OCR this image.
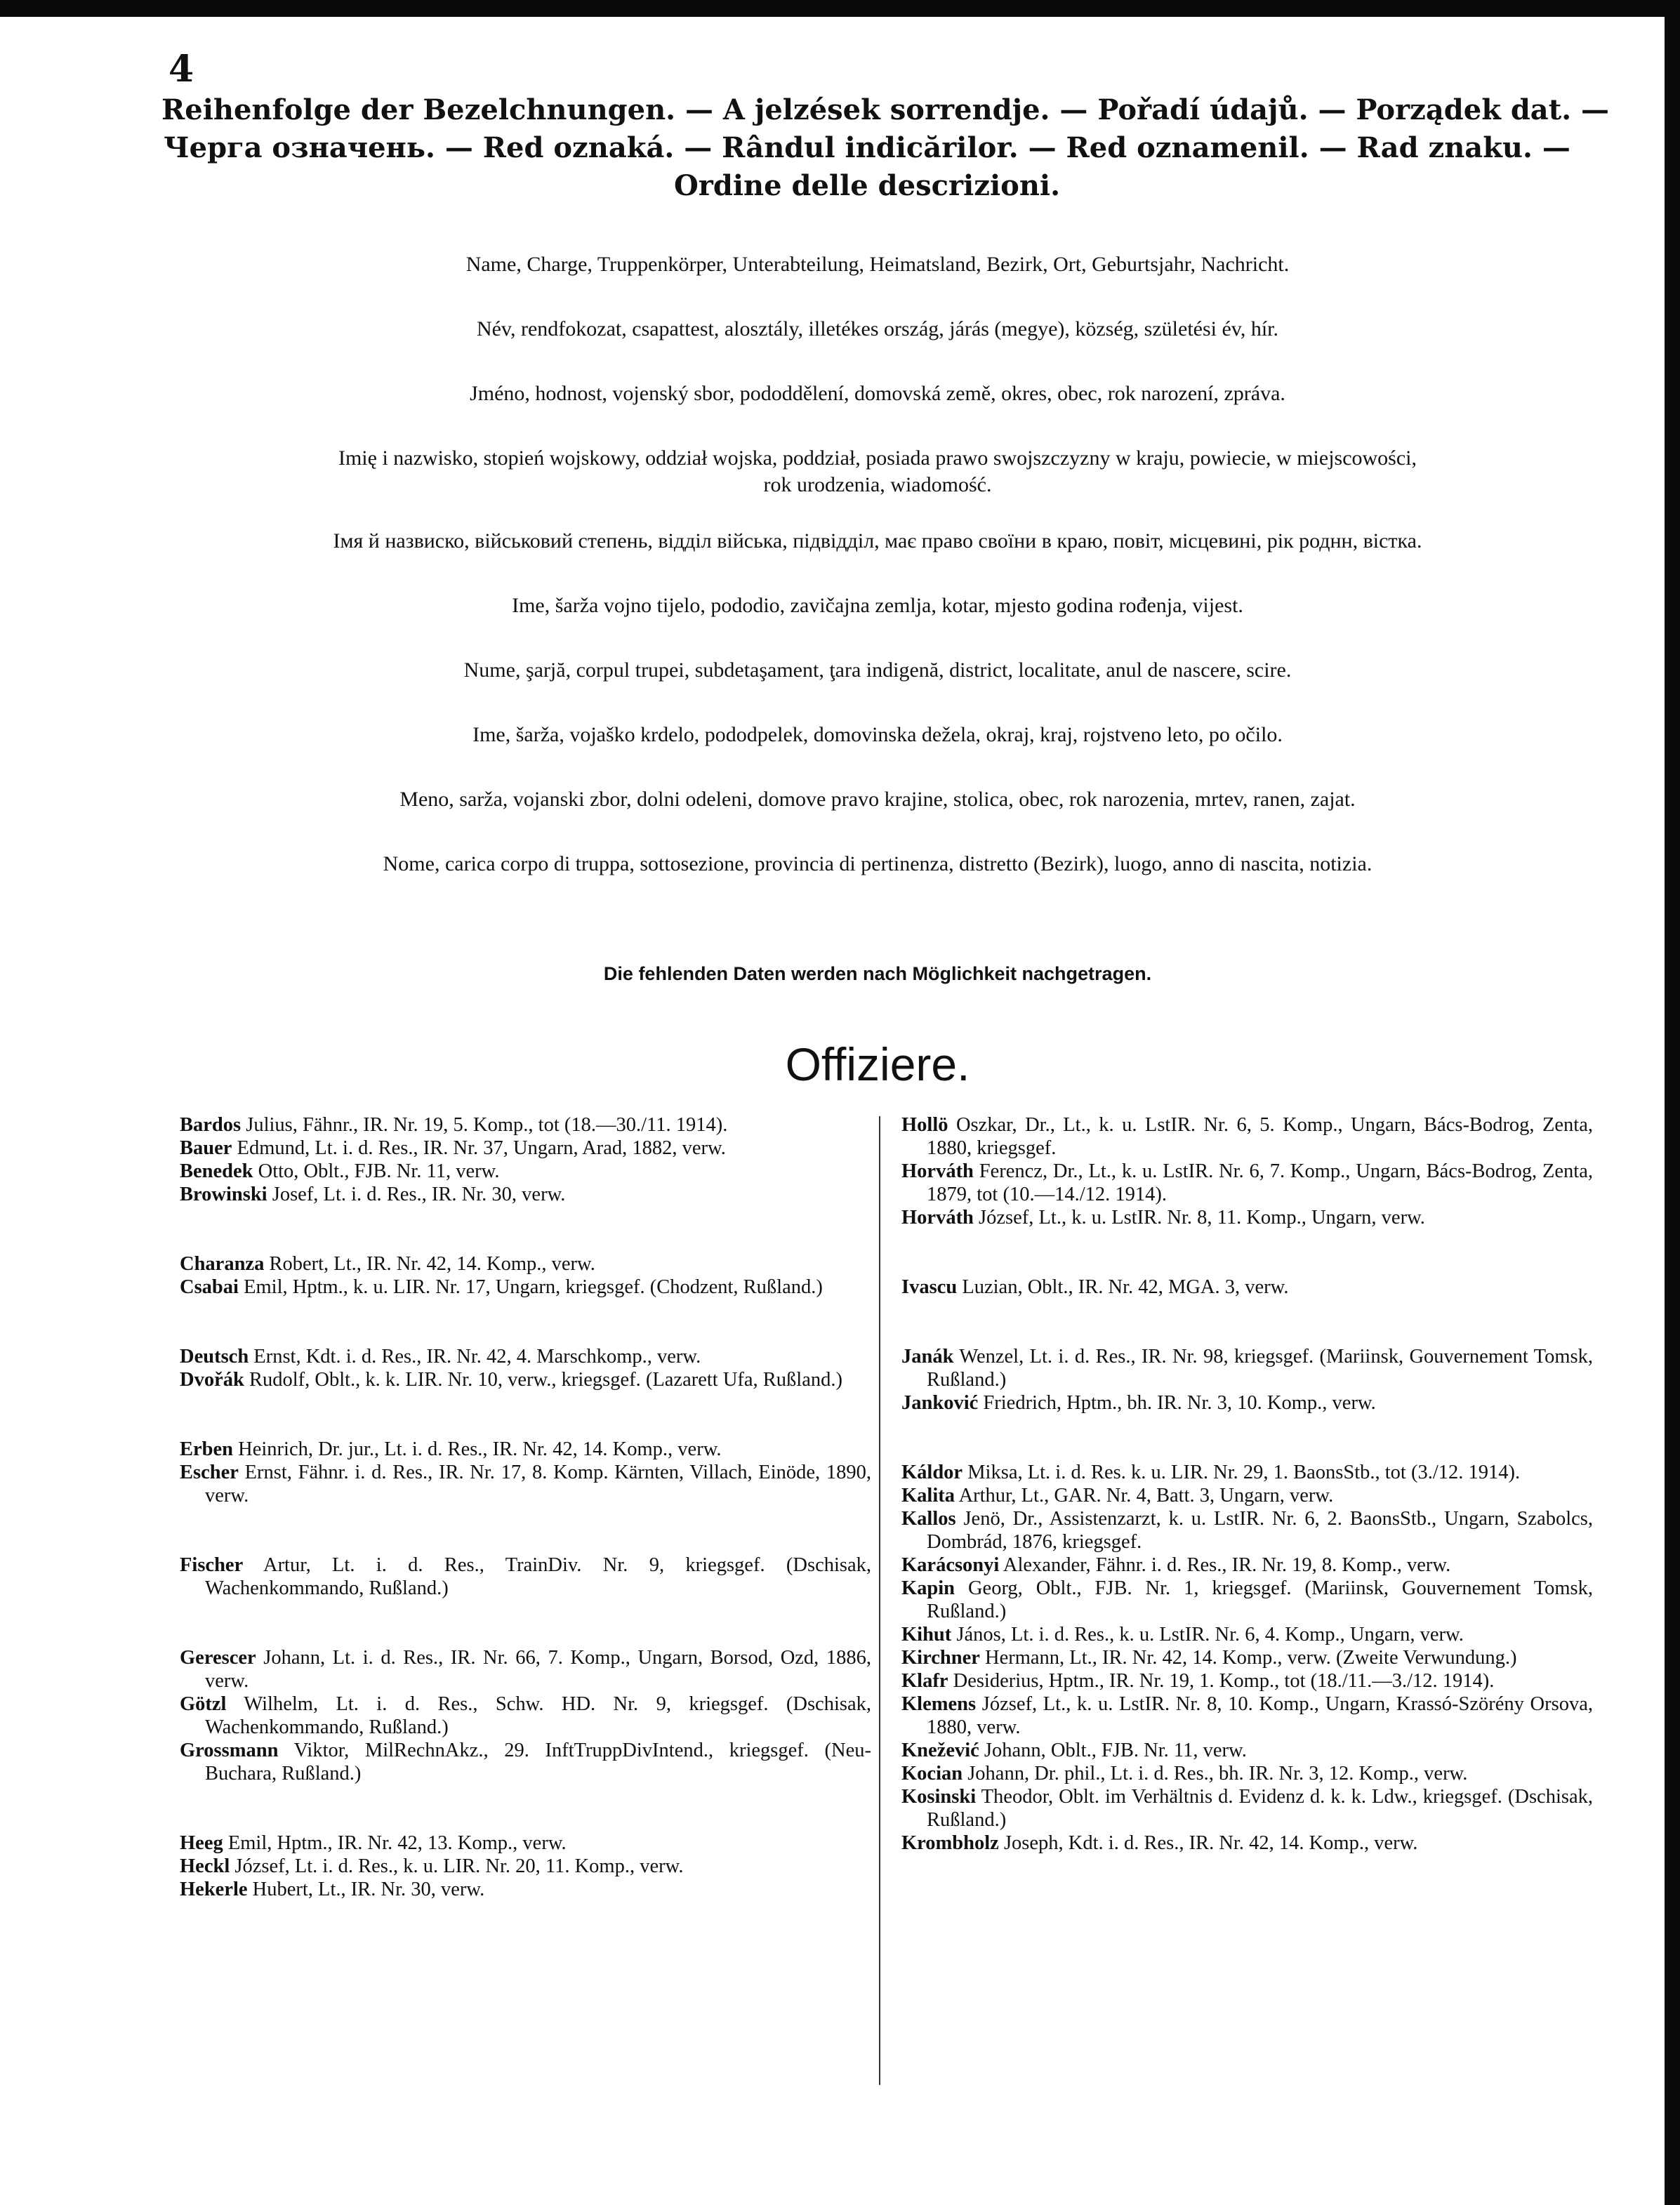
4
Reihenfolge der Bezelchnungen. — A jelzések sorrendje. — Pořadí údajů. — Porządek dat. —
Черга означень. — Red oznaká. — Rândul indicărilor. — Red oznamenil. — Rad znaku. —
Ordine delle descrizioni.
Name, Charge, Truppenkörper, Unterabteilung, Heimatsland, Bezirk, Ort, Geburtsjahr, Nachricht.
Név, rendfokozat, csapattest, alosztály, illetékes ország, járás (megye), község, születési év, hír.
Jméno, hodnost, vojenský sbor, pododdělení, domovská země, okres, obec, rok narození, zpráva.
Imię i nazwisko, stopień wojskowy, oddział wojska, poddział, posiada prawo swojszczyzny w kraju, powiecie, w miejscowości,
rok urodzenia, wiadomość.
Імя й назвиско, військовий степень, відділ війська, підвідділ, має право своїни в краю, повіт, місцевині, рік роднн, вістка.
Ime, šarža vojno tijelo, pododio, zavičajna zemlja, kotar, mjesto godina rođenja, vijest.
Nume, şarjă, corpul trupei, subdetaşament, ţara indigenă, district, localitate, anul de nascere, scire.
Ime, šarža, vojaško krdelo, pododpelek, domovinska dežela, okraj, kraj, rojstveno leto, po očilo.
Meno, sarža, vojanski zbor, dolni odeleni, domove pravo krajine, stolica, obec, rok narozenia, mrtev, ranen, zajat.
Nome, carica corpo di truppa, sottosezione, provincia di pertinenza, distretto (Bezirk), luogo, anno di nascita, notizia.
Die fehlenden Daten werden nach Möglichkeit nachgetragen.
Offiziere.
Bardos Julius, Fähnr., IR. Nr. 19, 5. Komp., tot (18.—30./11. 1914).
Bauer Edmund, Lt. i. d. Res., IR. Nr. 37, Ungarn, Arad, 1882, verw.
Benedek Otto, Oblt., FJB. Nr. 11, verw.
Browinski Josef, Lt. i. d. Res., IR. Nr. 30, verw.
Charanza Robert, Lt., IR. Nr. 42, 14. Komp., verw.
Csabai Emil, Hptm., k. u. LIR. Nr. 17, Ungarn, kriegsgef. (Chodzent, Rußland.)
Deutsch Ernst, Kdt. i. d. Res., IR. Nr. 42, 4. Marschkomp., verw.
Dvořák Rudolf, Oblt., k. k. LIR. Nr. 10, verw., kriegsgef. (Lazarett Ufa, Rußland.)
Erben Heinrich, Dr. jur., Lt. i. d. Res., IR. Nr. 42, 14. Komp., verw.
Escher Ernst, Fähnr. i. d. Res., IR. Nr. 17, 8. Komp. Kärnten, Villach, Einöde, 1890, verw.
Fischer Artur, Lt. i. d. Res., TrainDiv. Nr. 9, kriegsgef. (Dschisak, Wachenkommando, Rußland.)
Gerescer Johann, Lt. i. d. Res., IR. Nr. 66, 7. Komp., Ungarn, Borsod, Ozd, 1886, verw.
Götzl Wilhelm, Lt. i. d. Res., Schw. HD. Nr. 9, kriegsgef. (Dschisak, Wachenkommando, Rußland.)
Grossmann Viktor, MilRechnAkz., 29. InftTruppDivIntend., kriegsgef. (Neu-Buchara, Rußland.)
Heeg Emil, Hptm., IR. Nr. 42, 13. Komp., verw.
Heckl József, Lt. i. d. Res., k. u. LIR. Nr. 20, 11. Komp., verw.
Hekerle Hubert, Lt., IR. Nr. 30, verw.
Hollö Oszkar, Dr., Lt., k. u. LstIR. Nr. 6, 5. Komp., Ungarn, Bács-Bodrog, Zenta, 1880, kriegsgef.
Horváth Ferencz, Dr., Lt., k. u. LstIR. Nr. 6, 7. Komp., Ungarn, Bács-Bodrog, Zenta, 1879, tot (10.—14./12. 1914).
Horváth József, Lt., k. u. LstIR. Nr. 8, 11. Komp., Ungarn, verw.
Ivascu Luzian, Oblt., IR. Nr. 42, MGA. 3, verw.
Janák Wenzel, Lt. i. d. Res., IR. Nr. 98, kriegsgef. (Mariinsk, Gouvernement Tomsk, Rußland.)
Janković Friedrich, Hptm., bh. IR. Nr. 3, 10. Komp., verw.
Káldor Miksa, Lt. i. d. Res. k. u. LIR. Nr. 29, 1. BaonsStb., tot (3./12. 1914).
Kalita Arthur, Lt., GAR. Nr. 4, Batt. 3, Ungarn, verw.
Kallos Jenö, Dr., Assistenzarzt, k. u. LstIR. Nr. 6, 2. BaonsStb., Ungarn, Szabolcs, Dombrád, 1876, kriegsgef.
Karácsonyi Alexander, Fähnr. i. d. Res., IR. Nr. 19, 8. Komp., verw.
Kapin Georg, Oblt., FJB. Nr. 1, kriegsgef. (Mariinsk, Gouvernement Tomsk, Rußland.)
Kihut János, Lt. i. d. Res., k. u. LstIR. Nr. 6, 4. Komp., Ungarn, verw.
Kirchner Hermann, Lt., IR. Nr. 42, 14. Komp., verw. (Zweite Verwundung.)
Klafr Desiderius, Hptm., IR. Nr. 19, 1. Komp., tot (18./11.—3./12. 1914).
Klemens József, Lt., k. u. LstIR. Nr. 8, 10. Komp., Ungarn, Krassó-Szörény Orsova, 1880, verw.
Knežević Johann, Oblt., FJB. Nr. 11, verw.
Kocian Johann, Dr. phil., Lt. i. d. Res., bh. IR. Nr. 3, 12. Komp., verw.
Kosinski Theodor, Oblt. im Verhältnis d. Evidenz d. k. k. Ldw., kriegsgef. (Dschisak, Rußland.)
Krombholz Joseph, Kdt. i. d. Res., IR. Nr. 42, 14. Komp., verw.
